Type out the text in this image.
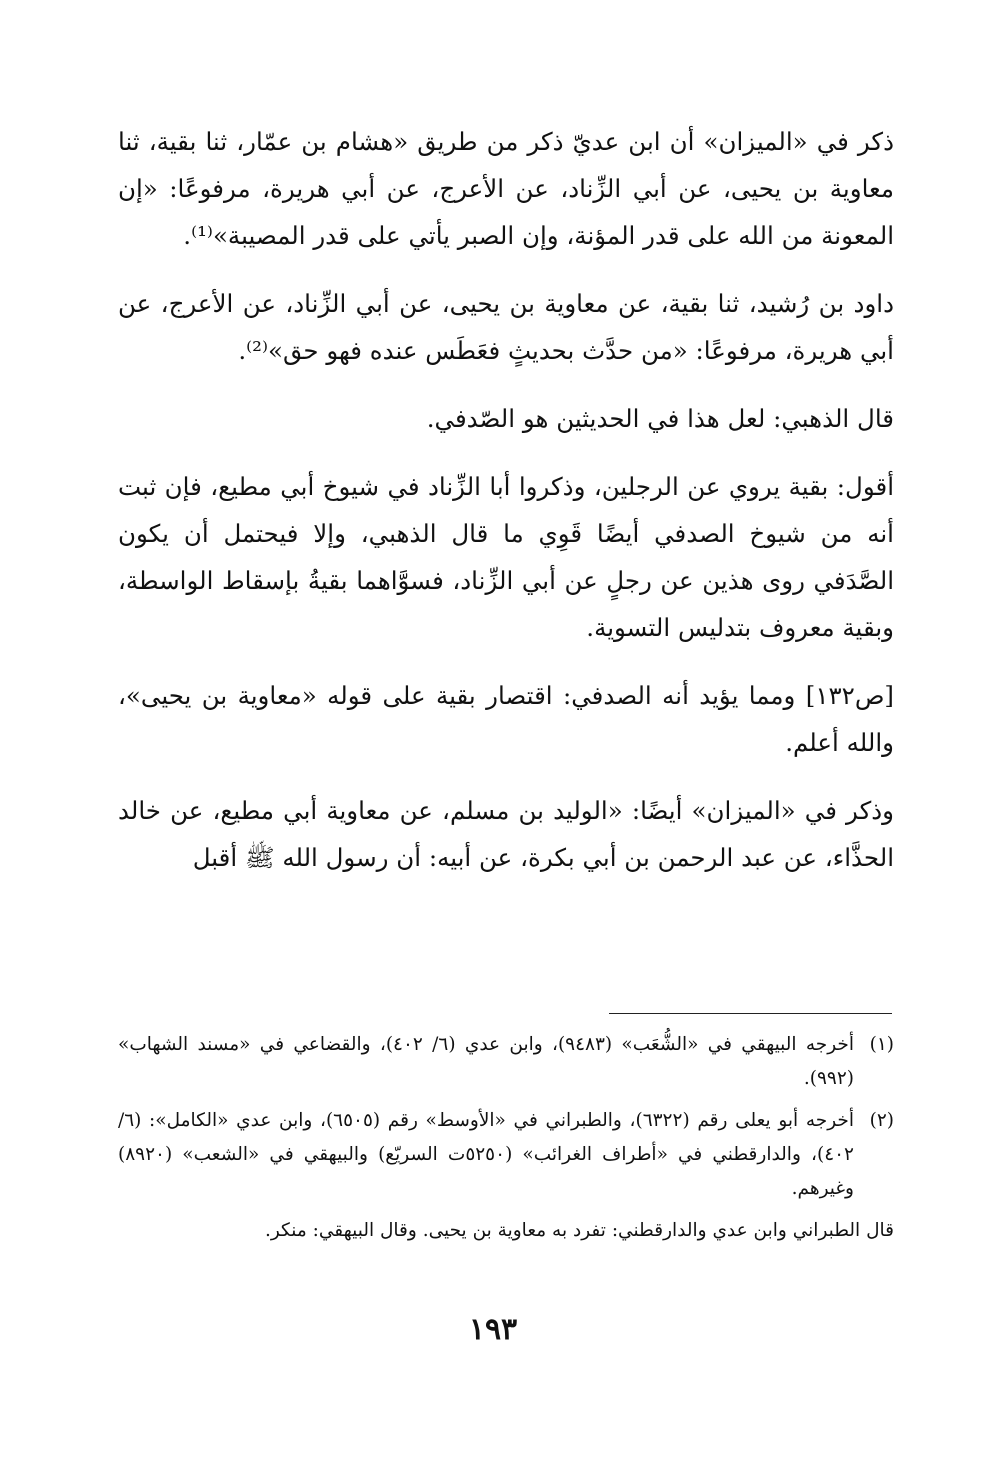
ذكر في «الميزان» أن ابن عديّ ذكر من طريق «هشام بن عمّار، ثنا بقية، ثنا معاوية بن يحيى، عن أبي الزِّناد، عن الأعرج، عن أبي هريرة، مرفوعًا: «إن المعونة من الله على قدر المؤنة، وإن الصبر يأتي على قدر المصيبة»⁽¹⁾.

داود بن رُشيد، ثنا بقية، عن معاوية بن يحيى، عن أبي الزِّناد، عن الأعرج، عن أبي هريرة، مرفوعًا: «من حدَّث بحديثٍ فعَطَس عنده فهو حق»⁽²⁾.

قال الذهبي: لعل هذا في الحديثين هو الصّدفي.

أقول: بقية يروي عن الرجلين، وذكروا أبا الزِّناد في شيوخ أبي مطيع، فإن ثبت أنه من شيوخ الصدفي أيضًا قَوِي ما قال الذهبي، وإلا فيحتمل أن يكون الصَّدَفي روى هذين عن رجلٍ عن أبي الزِّناد، فسوَّاهما بقيةُ بإسقاط الواسطة، وبقية معروف بتدليس التسوية.

[ص١٣٢] ومما يؤيد أنه الصدفي: اقتصار بقية على قوله «معاوية بن يحيى»، والله أعلم.

وذكر في «الميزان» أيضًا: «الوليد بن مسلم، عن معاوية أبي مطيع، عن خالد الحذَّاء، عن عبد الرحمن بن أبي بكرة، عن أبيه: أن رسول الله ﷺ أقبل

(١)
أخرجه البيهقي في «الشُّعَب» (٩٤٨٣)، وابن عدي (٦/ ٤٠٢)، والقضاعي في «مسند الشهاب» (٩٩٢).
(٢)
أخرجه أبو يعلى رقم (٦٣٢٢)، والطبراني في «الأوسط» رقم (٦٥٠٥)، وابن عدي «الكامل»: (٦/ ٤٠٢)، والدارقطني في «أطراف الغرائب» (٥٢٥٠ت السريّع) والبيهقي في «الشعب» (٨٩٢٠) وغيرهم.

قال الطبراني وابن عدي والدارقطني: تفرد به معاوية بن يحيى. وقال البيهقي: منكر.

١٩٣
